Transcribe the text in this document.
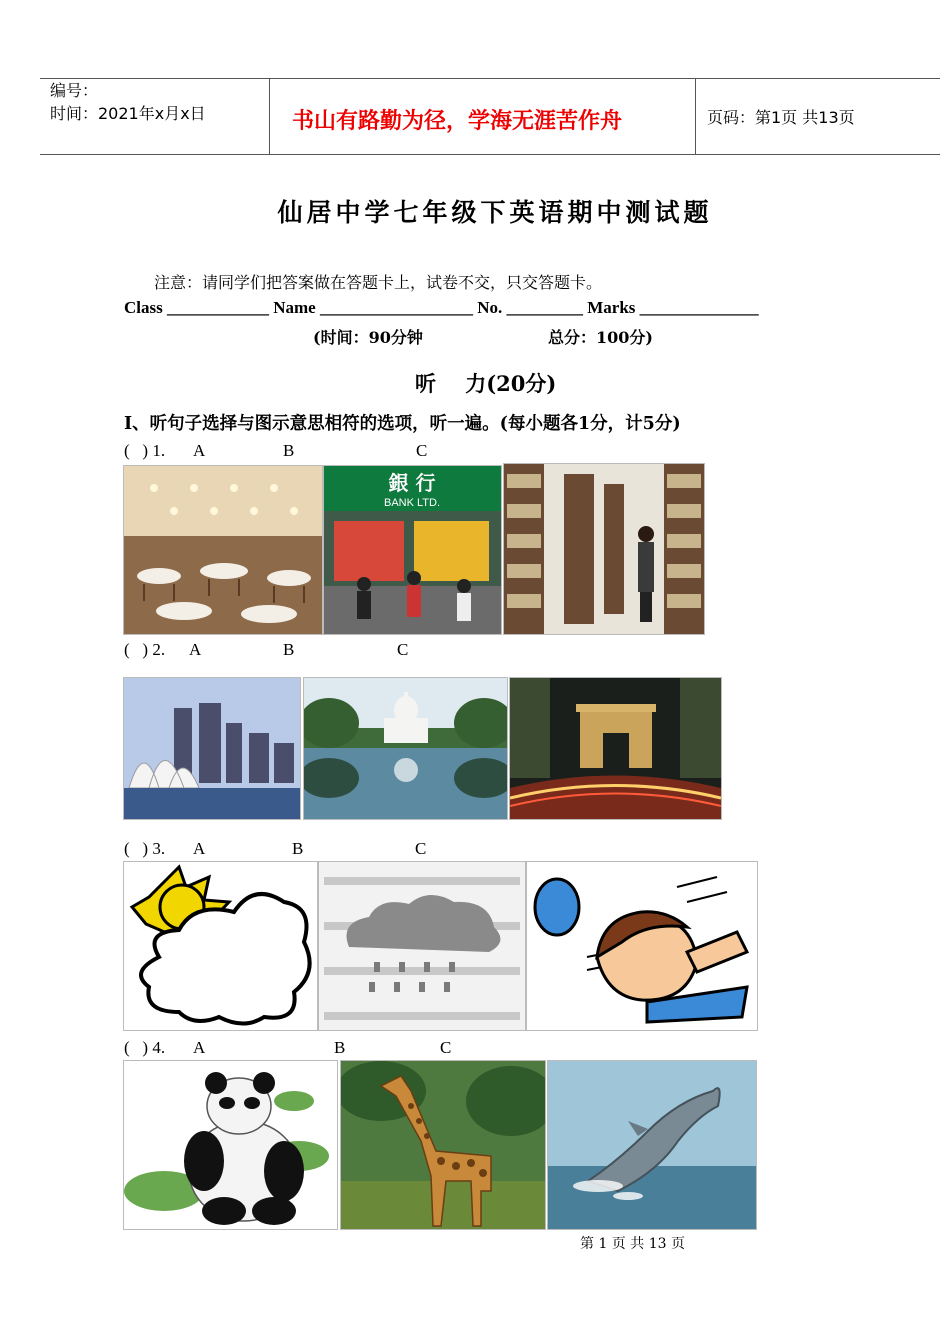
编号：
时间：2021年x月x日	书山有路勤为径，学海无涯苦作舟	页码：第1页 共13页
仙居中学七年级下英语期中测试题
注意：请同学们把答案做在答题卡上，试卷不交，只交答题卡。
Class ____________ Name __________________ No. _________ Marks ______________
(时间：90分钟	总分：100分)
听    力(20分)
I、听句子选择与图示意思相符的选项，听一遍。(每小题各1分，计5分)
(   ) 1. A	B	C
銀 行
BANK LTD.
(   ) 2. A	B	C
(   ) 3. A	B	C
(   ) 4. A	B	C
第 1 页 共 13 页
